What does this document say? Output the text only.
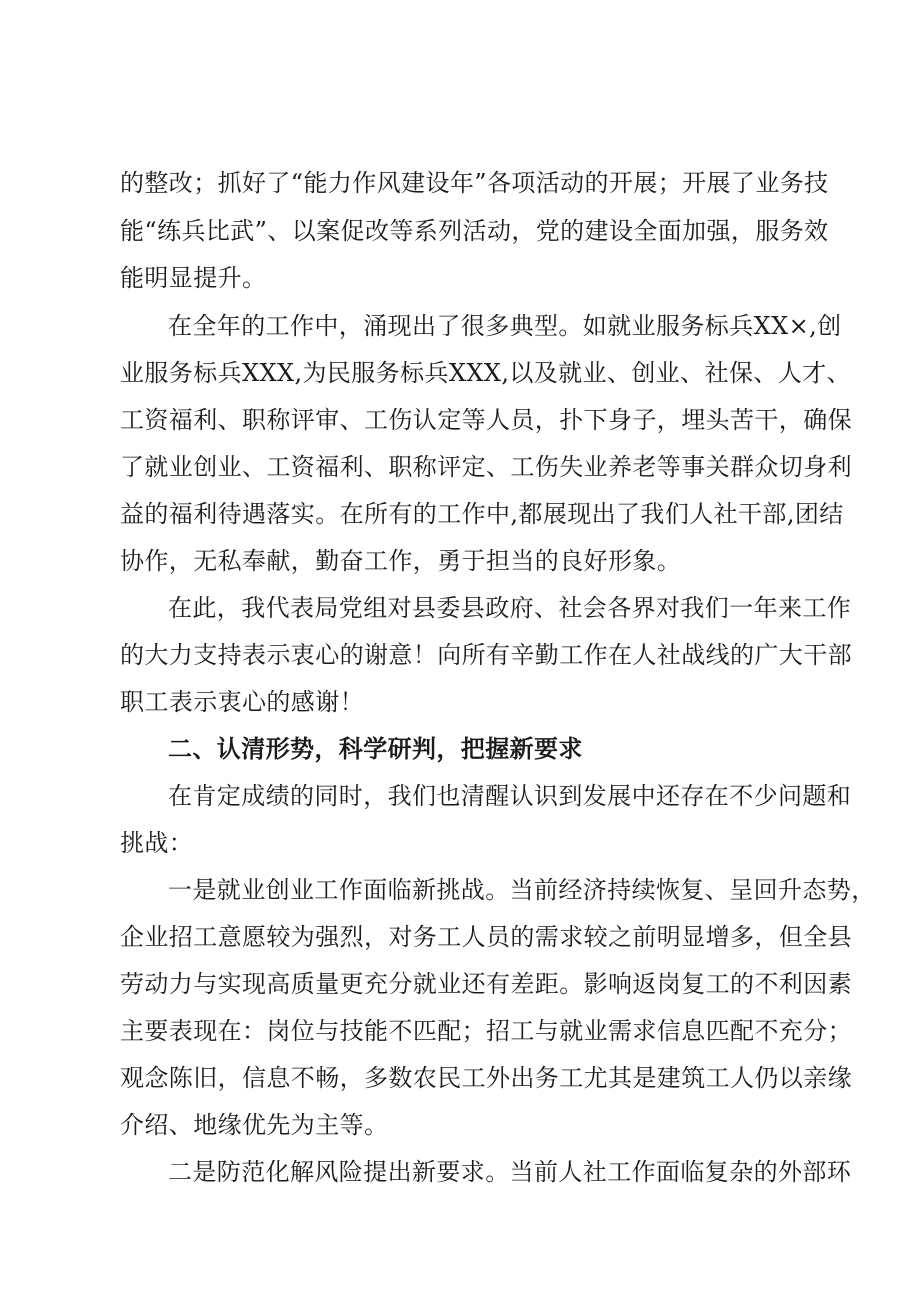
的整改；抓好了“能力作风建设年”各项活动的开展；开展了业务技
能“练兵比武”、以案促改等系列活动，党的建设全面加强，服务效
能明显提升。
在全年的工作中，涌现出了很多典型。如就业服务标兵XX×,创
业服务标兵XXX,为民服务标兵XXX,以及就业、创业、社保、人才、
工资福利、职称评审、工伤认定等人员，扑下身子，埋头苦干，确保
了就业创业、工资福利、职称评定、工伤失业养老等事关群众切身利
益的福利待遇落实。在所有的工作中,都展现出了我们人社干部,团结
协作，无私奉献，勤奋工作，勇于担当的良好形象。
在此，我代表局党组对县委县政府、社会各界对我们一年来工作
的大力支持表示衷心的谢意！向所有辛勤工作在人社战线的广大干部
职工表示衷心的感谢！
二、认清形势，科学研判，把握新要求
在肯定成绩的同时，我们也清醒认识到发展中还存在不少问题和
挑战：
一是就业创业工作面临新挑战。当前经济持续恢复、呈回升态势，
企业招工意愿较为强烈，对务工人员的需求较之前明显增多，但全县
劳动力与实现高质量更充分就业还有差距。影响返岗复工的不利因素
主要表现在：岗位与技能不匹配；招工与就业需求信息匹配不充分；
观念陈旧，信息不畅，多数农民工外出务工尤其是建筑工人仍以亲缘
介绍、地缘优先为主等。
二是防范化解风险提出新要求。当前人社工作面临复杂的外部环
